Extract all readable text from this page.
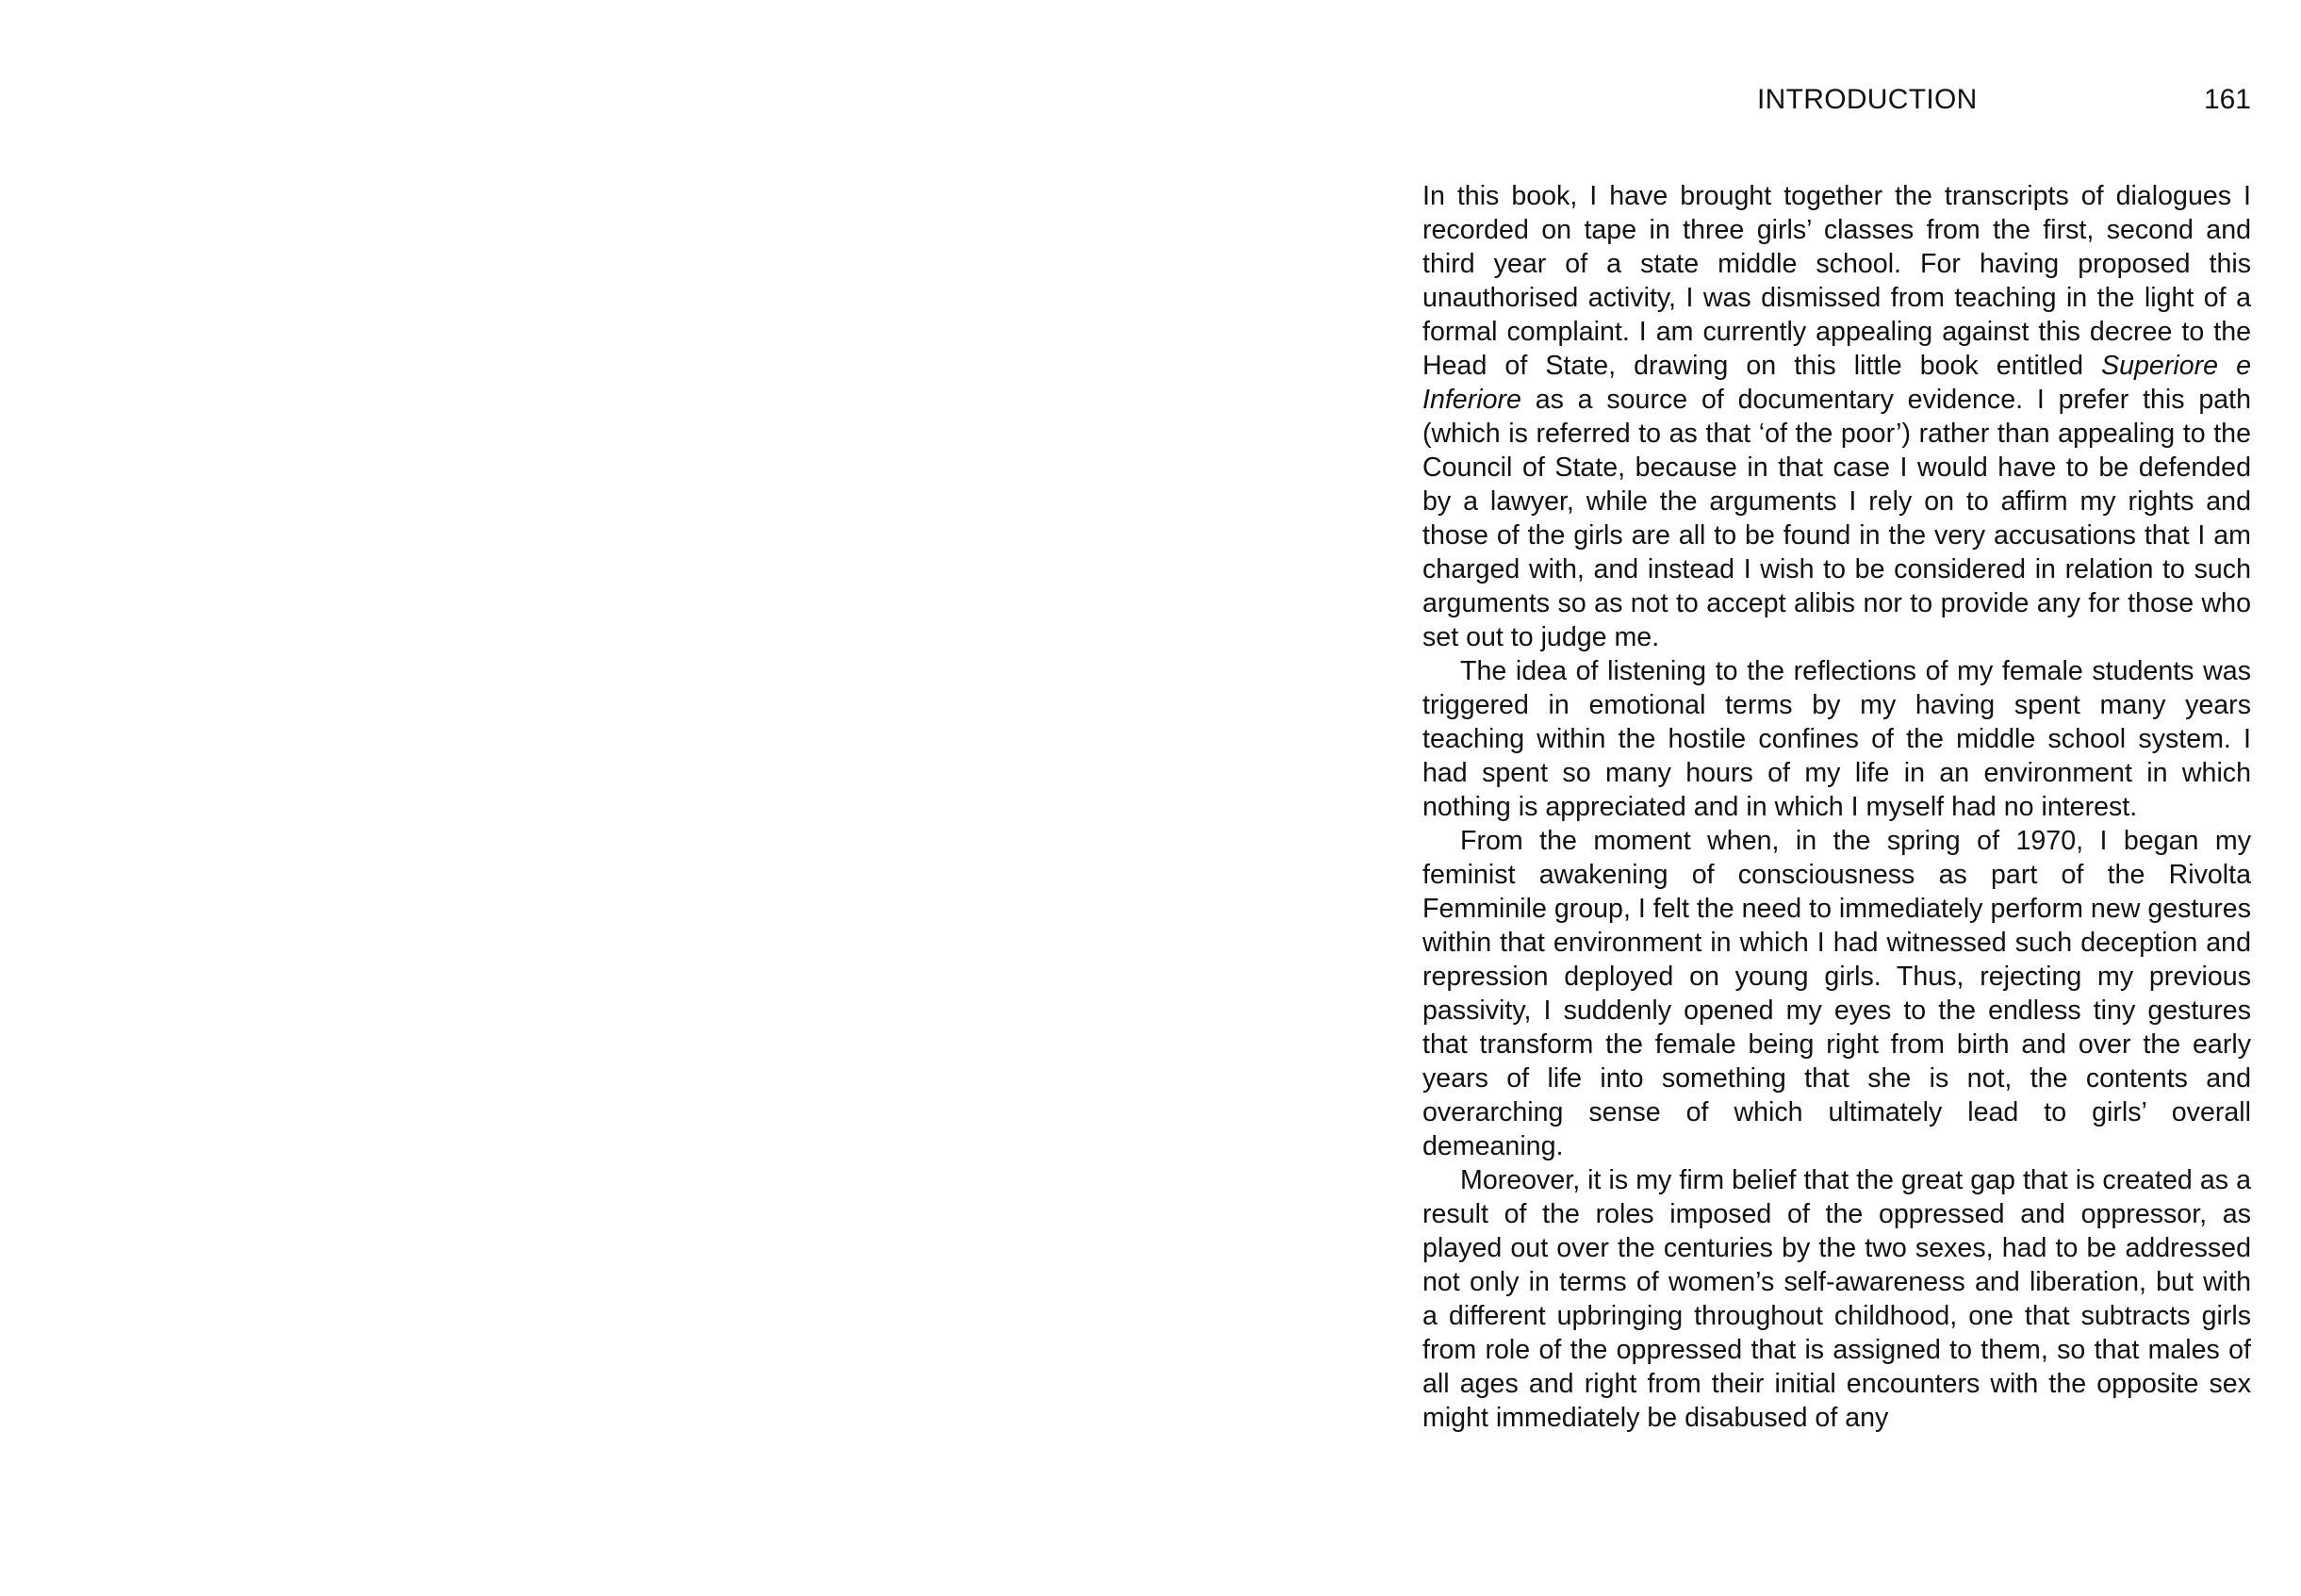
INTRODUCTION	161

In this book, I have brought together the transcripts of dialogues I recorded on tape in three girls’ classes from the first, second and third year of a state middle school. For having proposed this unauthorised activity, I was dismissed from teaching in the light of a formal complaint. I am currently appealing against this decree to the Head of State, drawing on this little book entitled Superiore e Inferiore as a source of documentary evidence. I prefer this path (which is referred to as that ‘of the poor’) rather than appealing to the Council of State, because in that case I would have to be defended by a lawyer, while the arguments I rely on to affirm my rights and those of the girls are all to be found in the very accusations that I am charged with, and instead I wish to be considered in relation to such arguments so as not to accept alibis nor to provide any for those who set out to judge me.

The idea of listening to the reflections of my female students was triggered in emotional terms by my having spent many years teaching within the hostile confines of the middle school system. I had spent so many hours of my life in an environment in which nothing is appreciated and in which I myself had no interest.

From the moment when, in the spring of 1970, I began my feminist awakening of consciousness as part of the Rivolta Femminile group, I felt the need to immediately perform new gestures within that environment in which I had witnessed such deception and repression deployed on young girls. Thus, rejecting my previous passivity, I suddenly opened my eyes to the endless tiny gestures that transform the female being right from birth and over the early years of life into something that she is not, the contents and overarching sense of which ultimately lead to girls’ overall demeaning.

Moreover, it is my firm belief that the great gap that is created as a result of the roles imposed of the oppressed and oppressor, as played out over the centuries by the two sexes, had to be addressed not only in terms of women’s self-awareness and liberation, but with a different upbringing throughout childhood, one that subtracts girls from role of the oppressed that is assigned to them, so that males of all ages and right from their initial encounters with the opposite sex might immediately be disabused of any
